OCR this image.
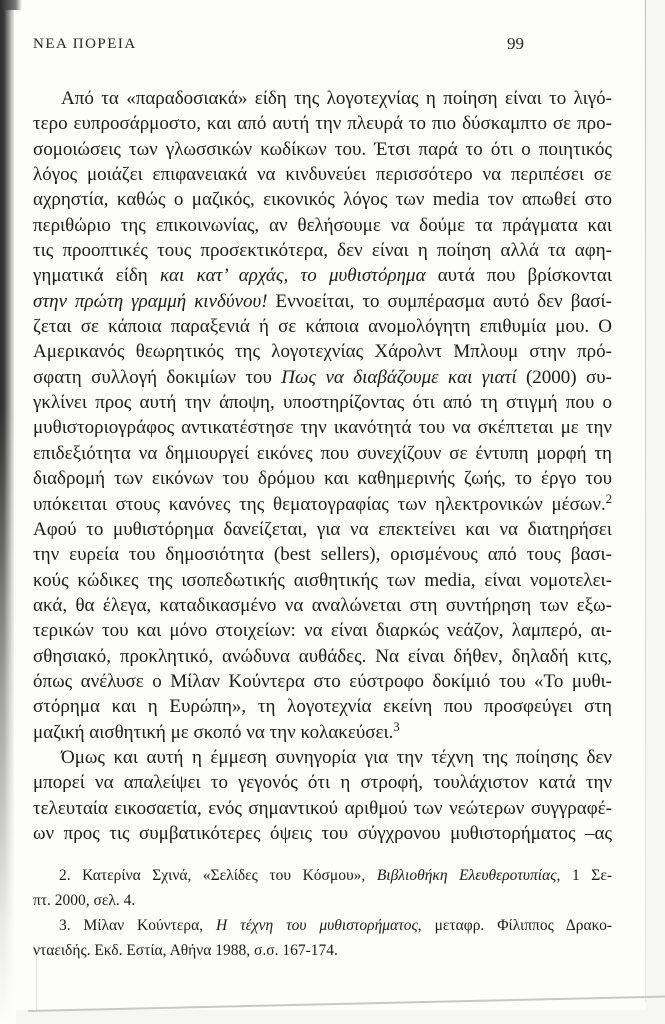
ΝΕΑ ΠΟΡΕΙΑ	99
Από τα «παραδοσιακά» είδη της λογοτεχνίας η ποίηση είναι το λιγό-
τερο ευπροσάρμοστο, και από αυτή την πλευρά το πιο δύσκαμπτο σε προ-
σομοιώσεις των γλωσσικών κωδίκων του. Έτσι παρά το ότι ο ποιητικός
λόγος μοιάζει επιφανειακά να κινδυνεύει περισσότερο να περιπέσει σε
αχρηστία, καθώς ο μαζικός, εικονικός λόγος των media τον απωθεί στο
περιθώριο της επικοινωνίας, αν θελήσουμε να δούμε τα πράγματα και
τις προοπτικές τους προσεκτικότερα, δεν είναι η ποίηση αλλά τα αφη-
γηματικά είδη και κατ’ αρχάς, το μυθιστόρημα αυτά που βρίσκονται
στην πρώτη γραμμή κινδύνου! Εννοείται, το συμπέρασμα αυτό δεν βασί-
ζεται σε κάποια παραξενιά ή σε κάποια ανομολόγητη επιθυμία μου. Ο
Αμερικανός θεωρητικός της λογοτεχνίας Χάρολντ Μπλουμ στην πρό-
σφατη συλλογή δοκιμίων του Πως να διαβάζουμε και γιατί (2000) συ-
γκλίνει προς αυτή την άποψη, υποστηρίζοντας ότι από τη στιγμή που ο
μυθιστοριογράφος αντικατέστησε την ικανότητά του να σκέπτεται με την
επιδεξιότητα να δημιουργεί εικόνες που συνεχίζουν σε έντυπη μορφή τη
διαδρομή των εικόνων του δρόμου και καθημερινής ζωής, το έργο του
υπόκειται στους κανόνες της θεματογραφίας των ηλεκτρονικών μέσων.$^2$
Αφού το μυθιστόρημα δανείζεται, για να επεκτείνει και να διατηρήσει
την ευρεία του δημοσιότητα (best sellers), ορισμένους από τους βασι-
κούς κώδικες της ισοπεδωτικής αισθητικής των media, είναι νομοτελει-
ακά, θα έλεγα, καταδικασμένο να αναλώνεται στη συντήρηση των εξω-
τερικών του και μόνο στοιχείων: να είναι διαρκώς νεάζον, λαμπερό, αι-
σθησιακό, προκλητικό, ανώδυνα αυθάδες. Να είναι δήθεν, δηλαδή κιτς,
όπως ανέλυσε ο Μίλαν Κούντερα στο εύστροφο δοκίμιό του «Το μυθι-
στόρημα και η Ευρώπη», τη λογοτεχνία εκείνη που προσφεύγει στη
μαζική αισθητική με σκοπό να την κολακεύσει.$^3$
Όμως και αυτή η έμμεση συνηγορία για την τέχνη της ποίησης δεν
μπορεί να απαλείψει το γεγονός ότι η στροφή, τουλάχιστον κατά την
τελευταία εικοσαετία, ενός σημαντικού αριθμού των νεώτερων συγγραφέ-
ων προς τις συμβατικότερες όψεις του σύγχρονου μυθιστορήματος –ας
2. Κατερίνα Σχινά, «Σελίδες του Κόσμου», Βιβλιοθήκη Ελευθεροτυπίας, 1 Σε-
πτ. 2000, σελ. 4.
3. Μίλαν Κούντερα, Η τέχνη του μυθιστορήματος, μεταφρ. Φίλιππος Δρακο-
νταειδής. Εκδ. Εστία, Αθήνα 1988, σ.σ. 167-174.
